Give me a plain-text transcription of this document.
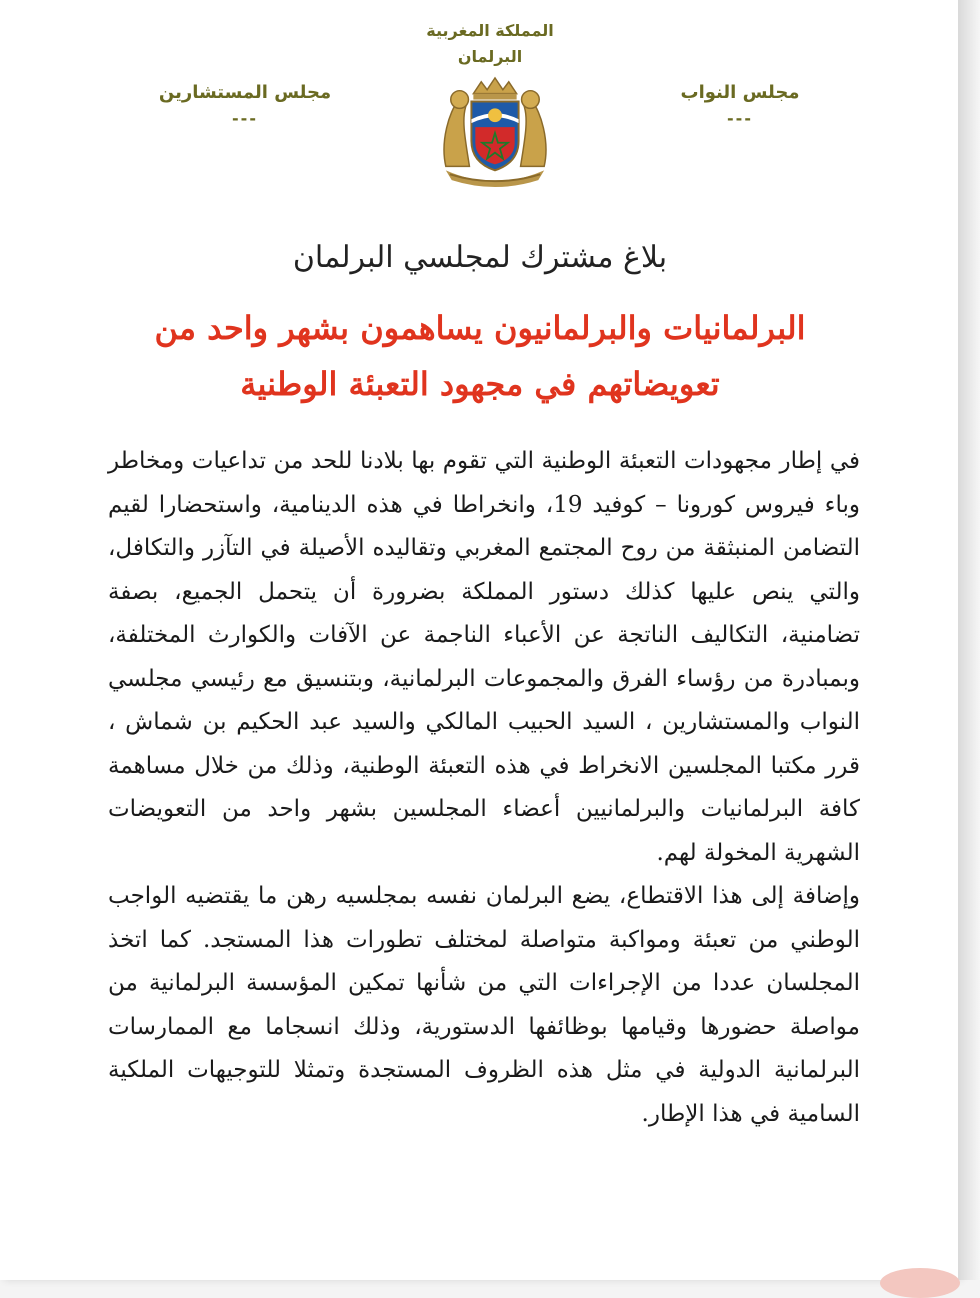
المملكة المغربية
البرلمان
مجلس النواب
---
مجلس المستشارين
---
بلاغ مشترك لمجلسي البرلمان
البرلمانيات والبرلمانيون يساهمون بشهر واحد من
تعويضاتهم في مجهود التعبئة الوطنية

في إطار مجهودات التعبئة الوطنية التي تقوم بها بلادنا للحد من تداعيات ومخاطر وباء فيروس كورونا – كوفيد 19، وانخراطا في هذه الدينامية، واستحضارا لقيم التضامن المنبثقة من روح المجتمع المغربي وتقاليده الأصيلة في التآزر والتكافل، والتي ينص عليها كذلك دستور المملكة بضرورة أن يتحمل الجميع، بصفة تضامنية، التكاليف الناتجة عن الأعباء الناجمة عن الآفات والكوارث المختلفة، وبمبادرة من رؤساء الفرق والمجموعات البرلمانية، وبتنسيق مع رئيسي مجلسي النواب والمستشارين ، السيد الحبيب المالكي والسيد عبد الحكيم بن شماش ، قرر مكتبا المجلسين الانخراط في هذه التعبئة الوطنية، وذلك من خلال مساهمة كافة البرلمانيات والبرلمانيين أعضاء المجلسين بشهر واحد من التعويضات الشهرية المخولة لهم.

وإضافة إلى هذا الاقتطاع، يضع البرلمان نفسه بمجلسيه رهن ما يقتضيه الواجب الوطني من تعبئة ومواكبة متواصلة لمختلف تطورات هذا المستجد. كما اتخذ المجلسان عددا من الإجراءات التي من شأنها تمكين المؤسسة البرلمانية من مواصلة حضورها وقيامها بوظائفها الدستورية، وذلك انسجاما مع الممارسات البرلمانية الدولية في مثل هذه الظروف المستجدة وتمثلا للتوجيهات الملكية السامية في هذا الإطار.
